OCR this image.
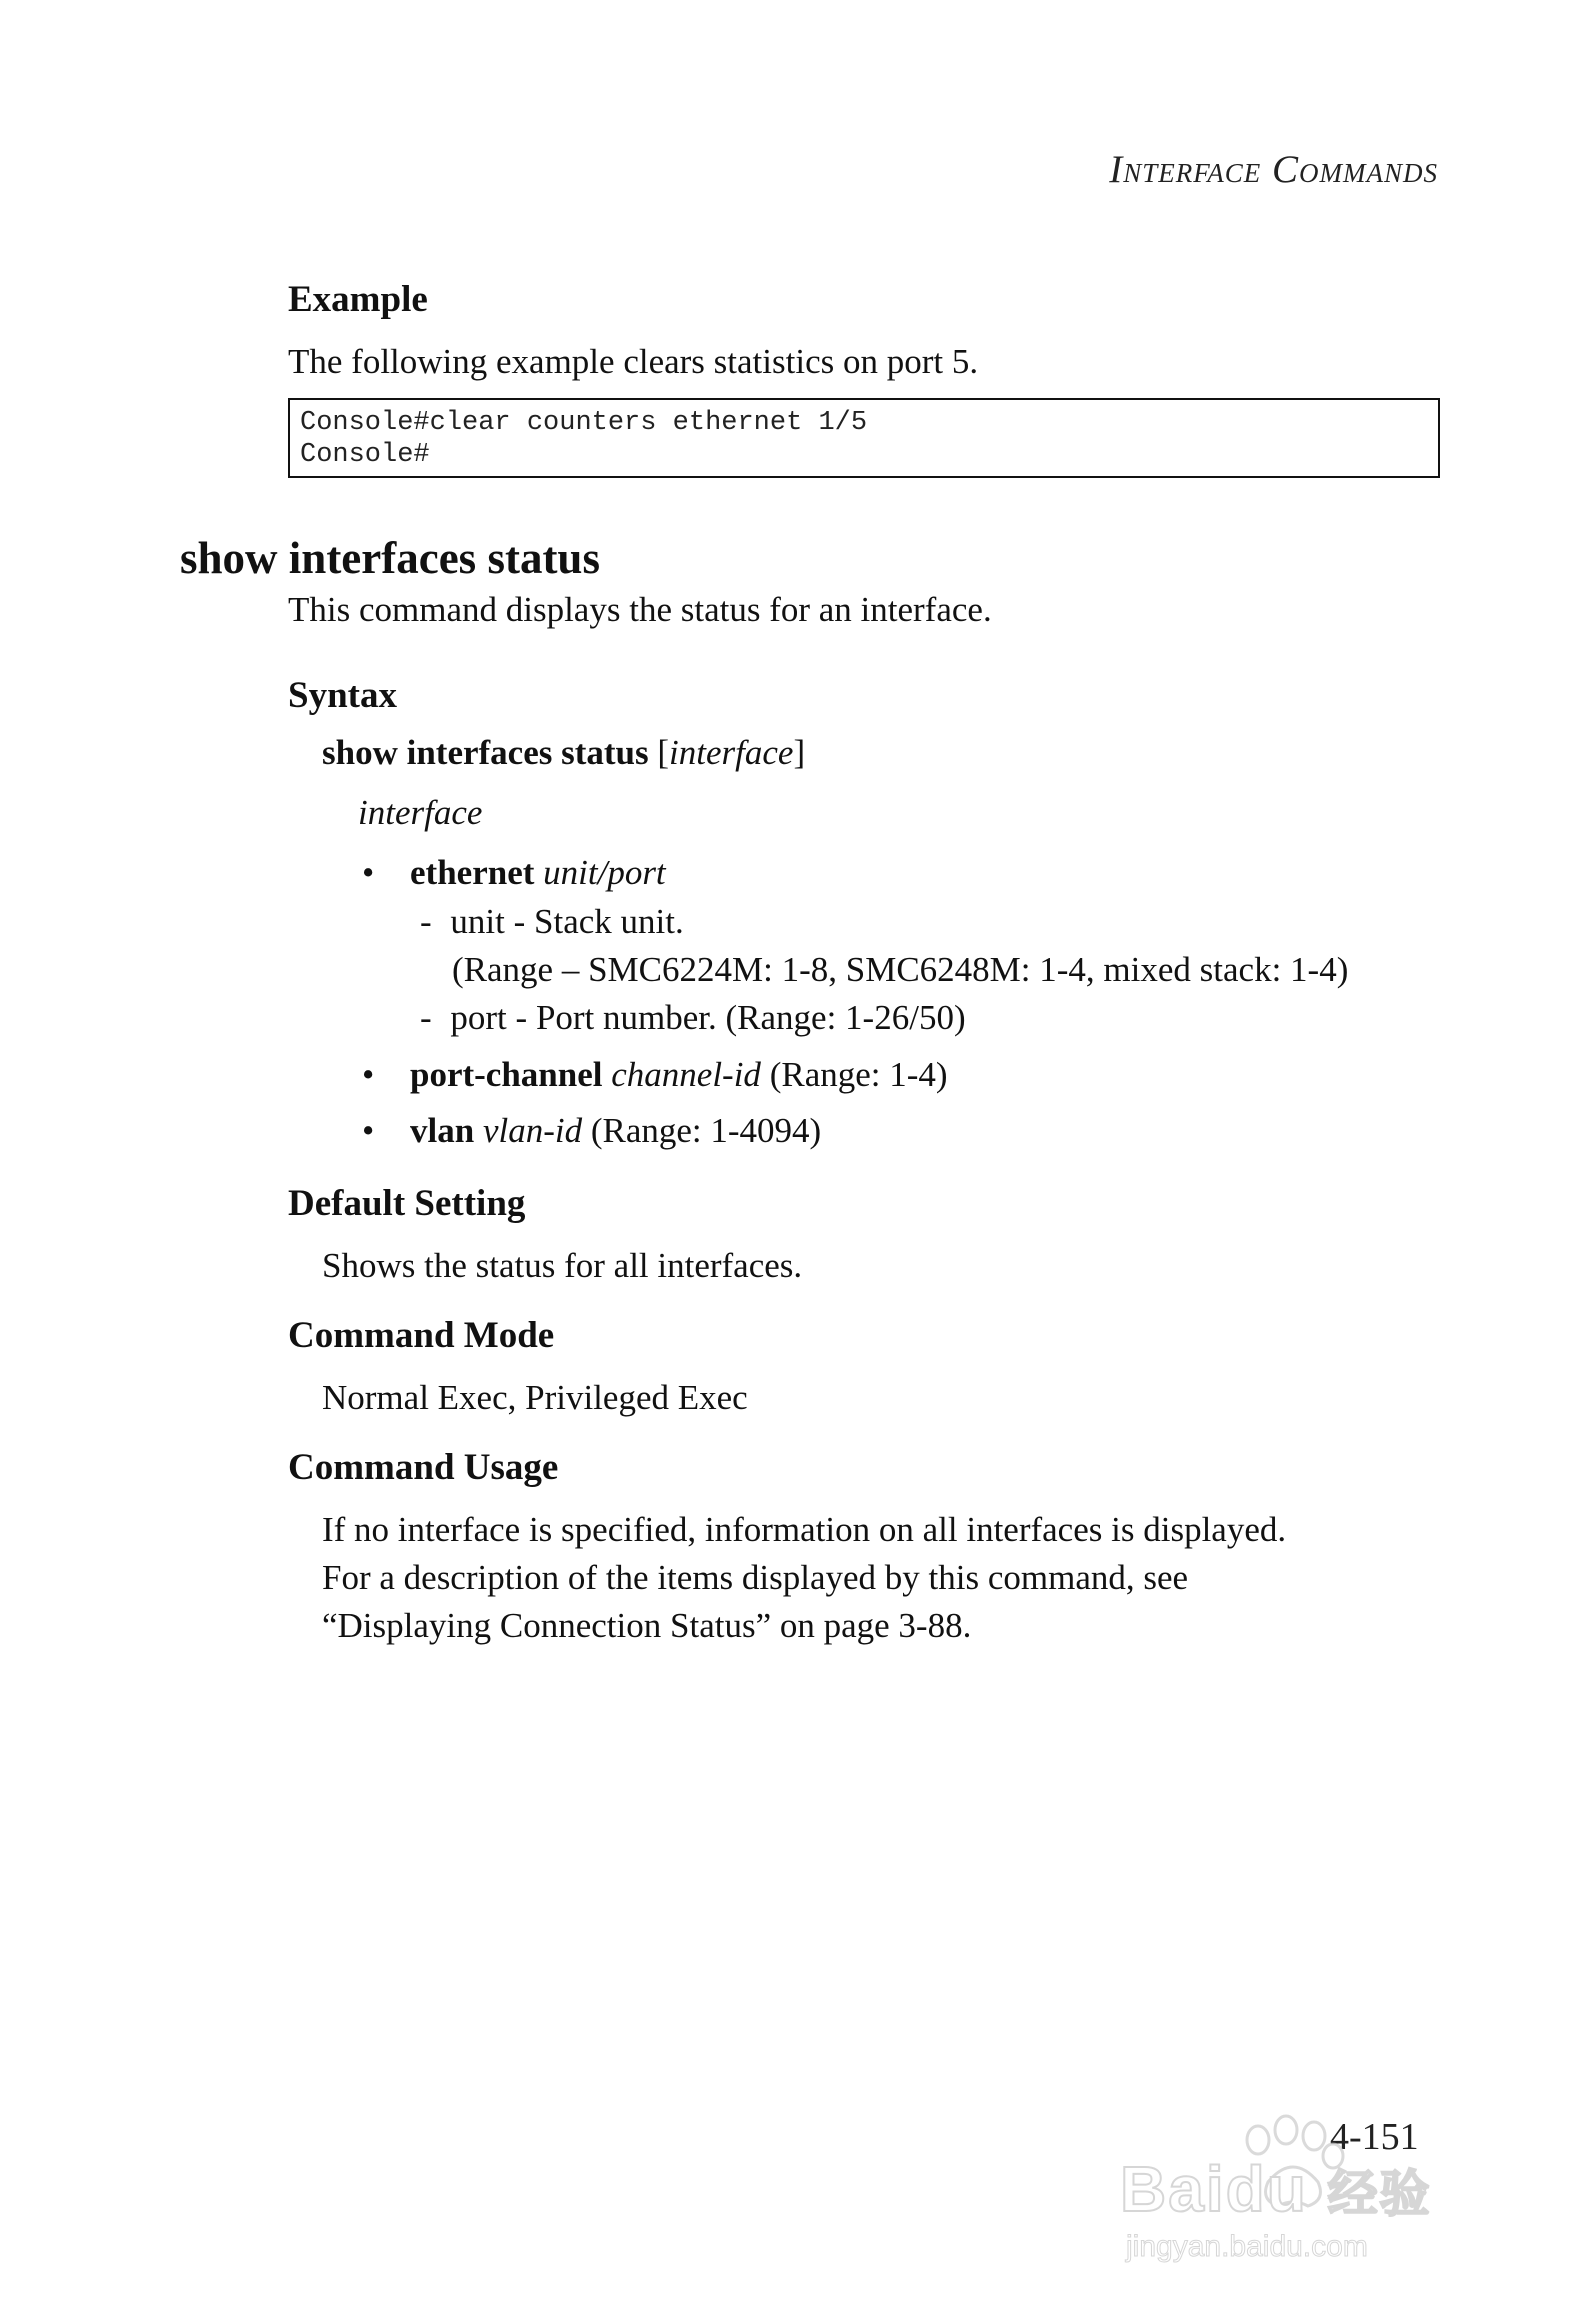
Interface Commands
Example
The following example clears statistics on port 5.
Console#clear counters ethernet 1/5
Console#
show interfaces status
This command displays the status for an interface.
Syntax
show interfaces status [interface]
interface
• ethernet unit/port
- unit - Stack unit.
(Range – SMC6224M: 1-8, SMC6248M: 1-4, mixed stack: 1-4)
- port - Port number. (Range: 1-26/50)
• port-channel channel-id (Range: 1-4)
• vlan vlan-id (Range: 1-4094)
Default Setting
Shows the status for all interfaces.
Command Mode
Normal Exec, Privileged Exec
Command Usage
If no interface is specified, information on all interfaces is displayed.
For a description of the items displayed by this command, see
“Displaying Connection Status” on page 3-88.
4-151
Baidu 经验
jingyan.baidu.com
